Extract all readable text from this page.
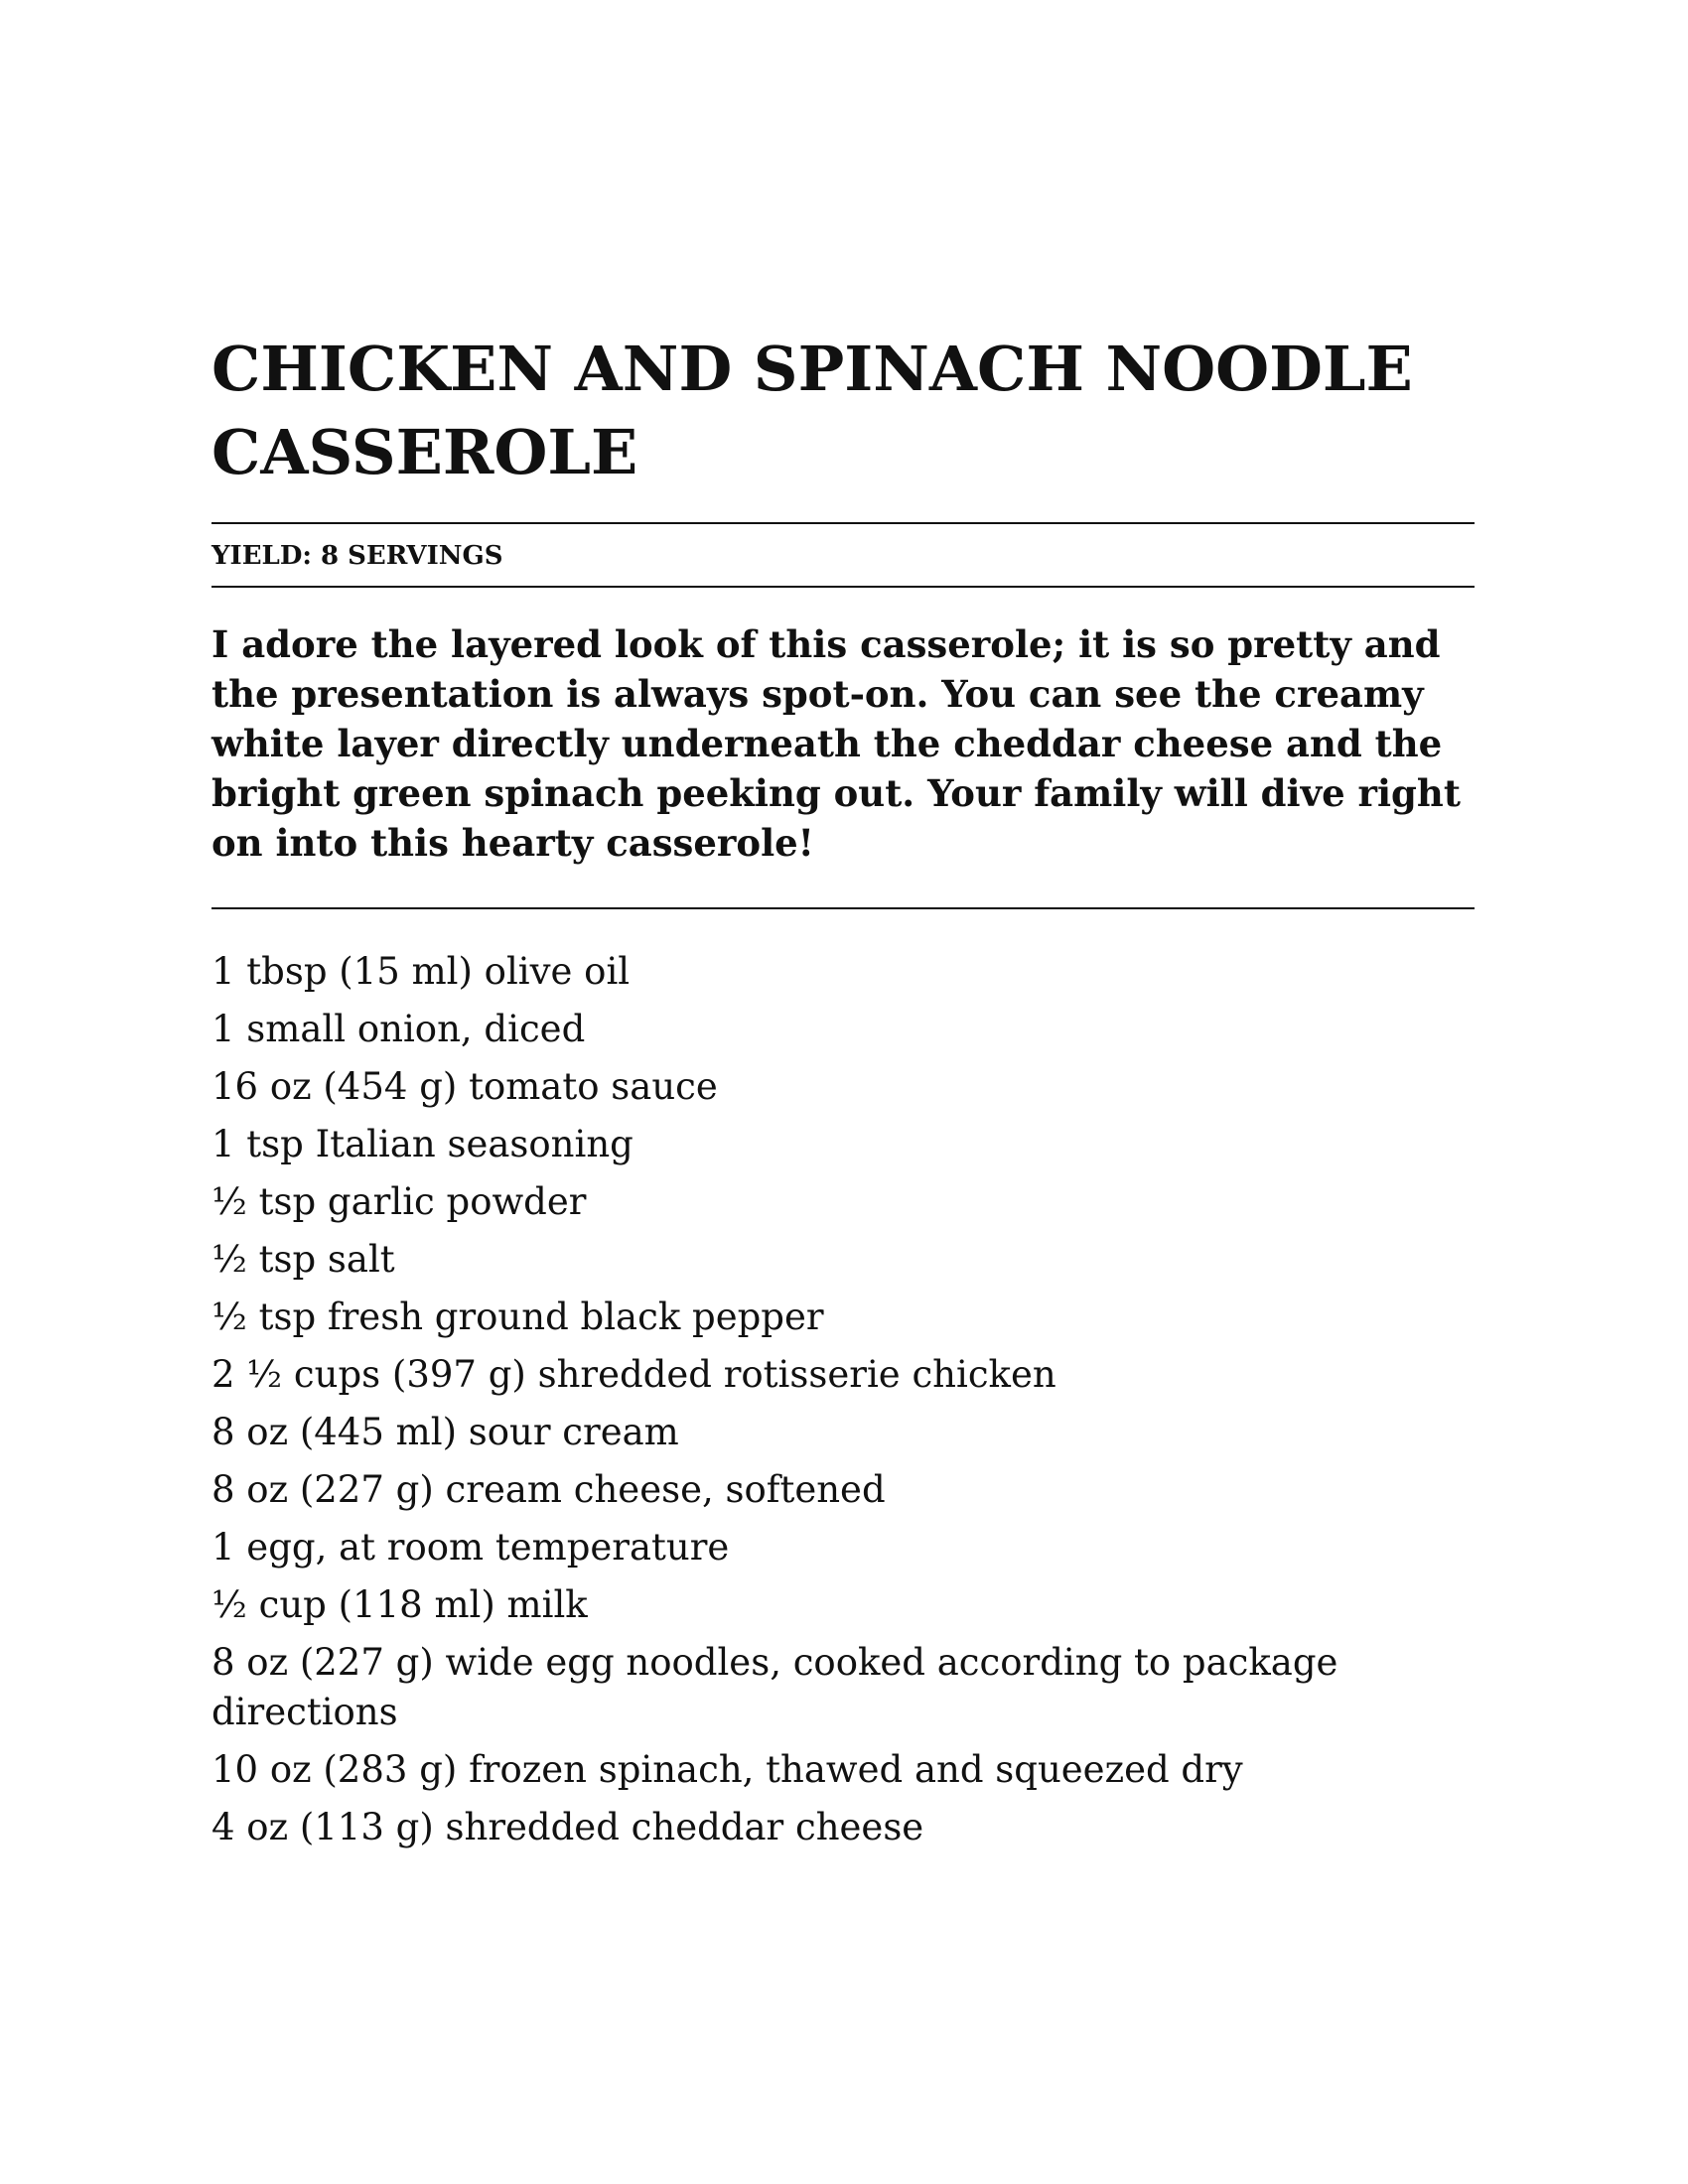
CHICKEN AND SPINACH NOODLE CASSEROLE
YIELD: 8 SERVINGS

I adore the layered look of this casserole; it is so pretty and the presentation is always spot-on. You can see the creamy white layer directly underneath the cheddar cheese and the bright green spinach peeking out. Your family will dive right on into this hearty casserole!

1 tbsp (15 ml) olive oil
1 small onion, diced
16 oz (454 g) tomato sauce
1 tsp Italian seasoning
½ tsp garlic powder
½ tsp salt
½ tsp fresh ground black pepper
2 ½ cups (397 g) shredded rotisserie chicken
8 oz (445 ml) sour cream
8 oz (227 g) cream cheese, softened
1 egg, at room temperature
½ cup (118 ml) milk
8 oz (227 g) wide egg noodles, cooked according to package directions
10 oz (283 g) frozen spinach, thawed and squeezed dry
4 oz (113 g) shredded cheddar cheese
